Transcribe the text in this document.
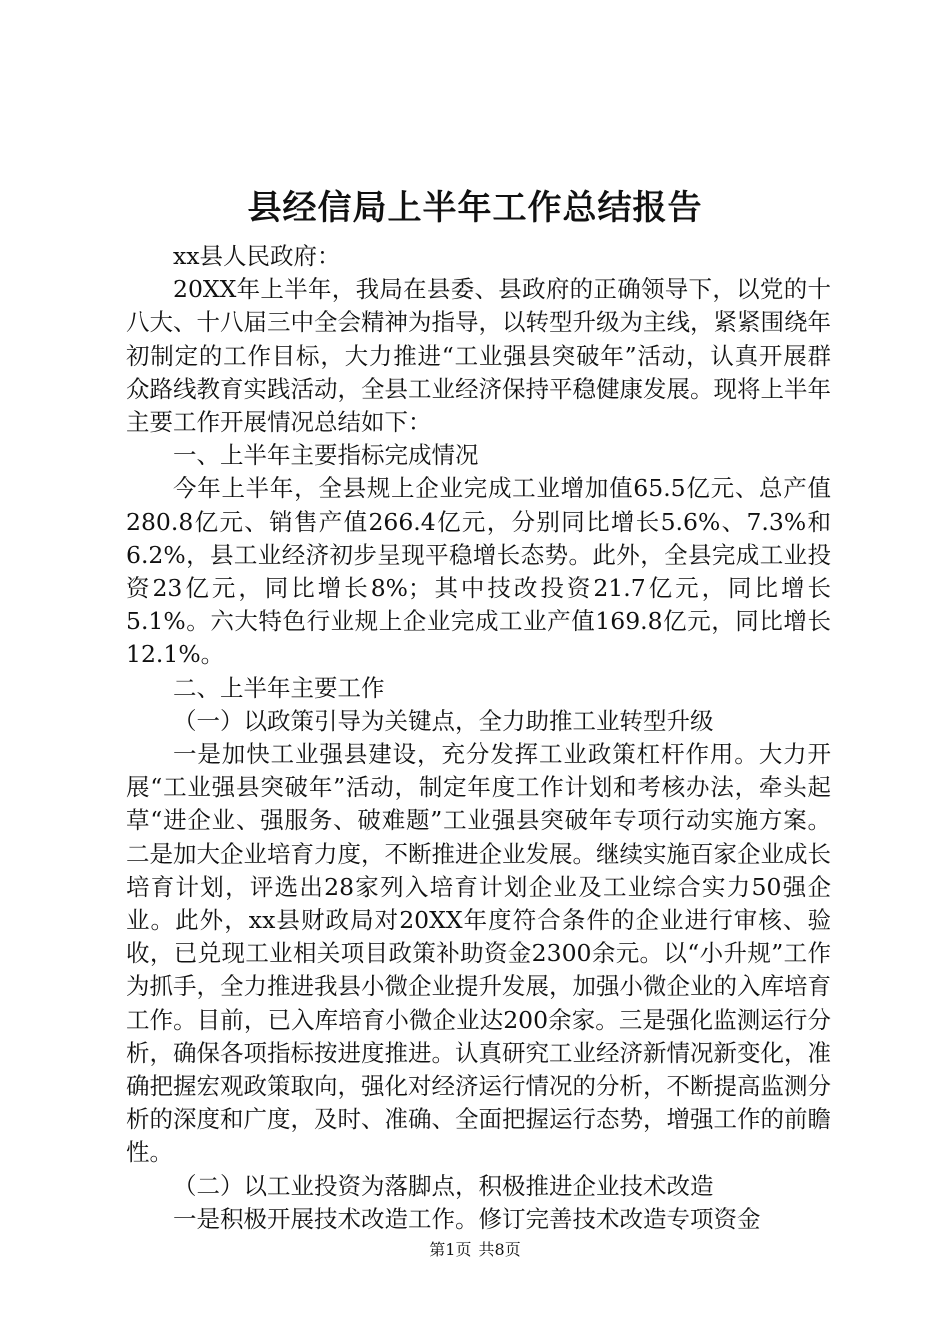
县经信局上半年工作总结报告

xx县人民政府：

20XX年上半年，我局在县委、县政府的正确领导下，以党的十八大、十八届三中全会精神为指导，以转型升级为主线，紧紧围绕年初制定的工作目标，大力推进“工业强县突破年”活动，认真开展群众路线教育实践活动，全县工业经济保持平稳健康发展。现将上半年主要工作开展情况总结如下：

一、上半年主要指标完成情况

今年上半年，全县规上企业完成工业增加值65.5亿元、总产值280.8亿元、销售产值266.4亿元，分别同比增长5.6%、7.3%和6.2%，县工业经济初步呈现平稳增长态势。此外，全县完成工业投资23亿元，同比增长8%；其中技改投资21.7亿元，同比增长5.1%。六大特色行业规上企业完成工业产值169.8亿元，同比增长12.1%。

二、上半年主要工作

（一）以政策引导为关键点，全力助推工业转型升级

一是加快工业强县建设，充分发挥工业政策杠杆作用。大力开展“工业强县突破年”活动，制定年度工作计划和考核办法，牵头起草“进企业、强服务、破难题”工业强县突破年专项行动实施方案。二是加大企业培育力度，不断推进企业发展。继续实施百家企业成长培育计划，评选出28家列入培育计划企业及工业综合实力50强企业。此外，xx县财政局对20XX年度符合条件的企业进行审核、验收，已兑现工业相关项目政策补助资金2300余元。以“小升规”工作为抓手，全力推进我县小微企业提升发展，加强小微企业的入库培育工作。目前，已入库培育小微企业达200余家。三是强化监测运行分析，确保各项指标按进度推进。认真研究工业经济新情况新变化，准确把握宏观政策取向，强化对经济运行情况的分析，不断提高监测分析的深度和广度，及时、准确、全面把握运行态势，增强工作的前瞻性。

（二）以工业投资为落脚点，积极推进企业技术改造

一是积极开展技术改造工作。修订完善技术改造专项资金

第1页 共8页
